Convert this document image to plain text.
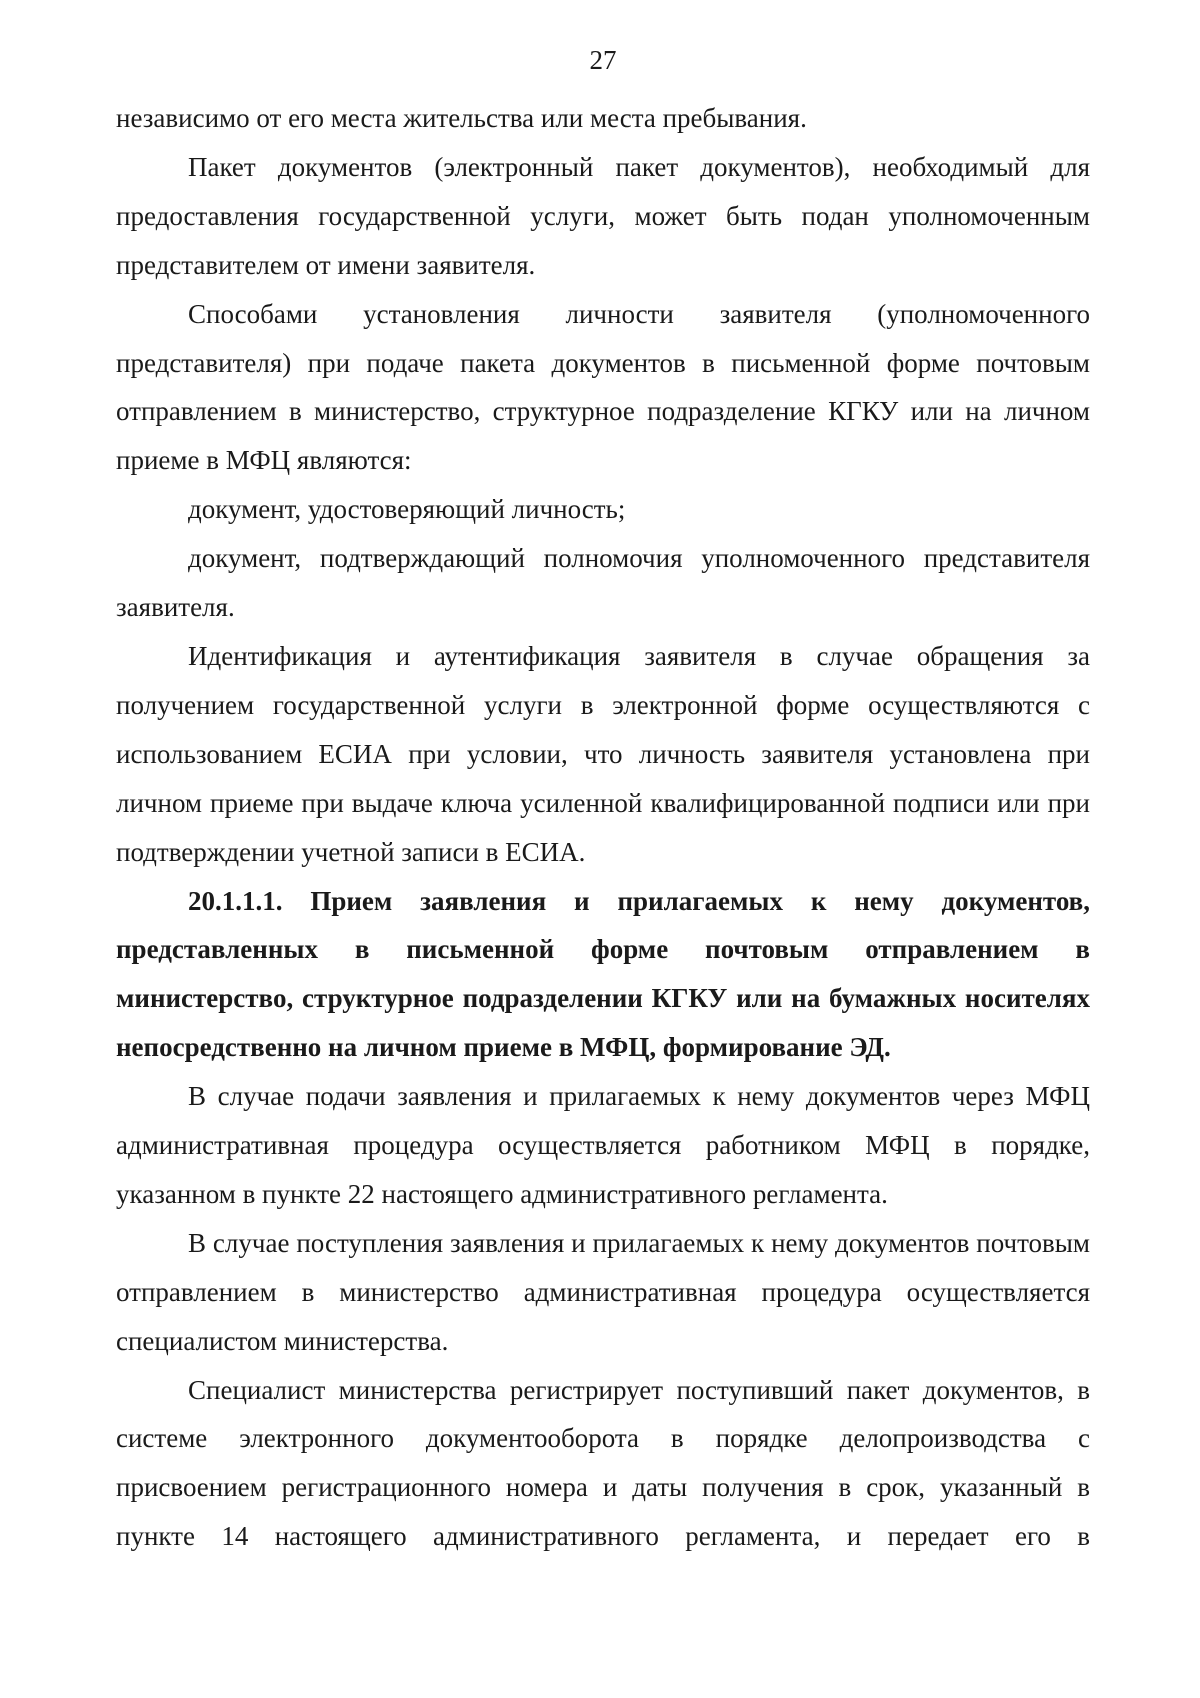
27

независимо от его места жительства или места пребывания.

Пакет документов (электронный пакет документов), необходимый для предоставления государственной услуги, может быть подан уполномоченным представителем от имени заявителя.

Способами установления личности заявителя (уполномоченного представителя) при подаче пакета документов в письменной форме почтовым отправлением в министерство, структурное подразделение КГКУ или на личном приеме в МФЦ являются:

документ, удостоверяющий личность;

документ, подтверждающий полномочия уполномоченного представителя заявителя.

Идентификация и аутентификация заявителя в случае обращения за получением государственной услуги в электронной форме осуществляются с использованием ЕСИА при условии, что личность заявителя установлена при личном приеме при выдаче ключа усиленной квалифицированной подписи или при подтверждении учетной записи в ЕСИА.

20.1.1.1. Прием заявления и прилагаемых к нему документов, представленных в письменной форме почтовым отправлением в министерство, структурное подразделении КГКУ или на бумажных носителях непосредственно на личном приеме в МФЦ, формирование ЭД.

В случае подачи заявления и прилагаемых к нему документов через МФЦ административная процедура осуществляется работником МФЦ в порядке, указанном в пункте 22 настоящего административного регламента.

В случае поступления заявления и прилагаемых к нему документов почтовым отправлением в министерство административная процедура осуществляется специалистом министерства.

Специалист министерства регистрирует поступивший пакет документов, в системе электронного документооборота в порядке делопроизводства с присвоением регистрационного номера и даты получения в срок, указанный в пункте 14 настоящего административного регламента, и передает его в
